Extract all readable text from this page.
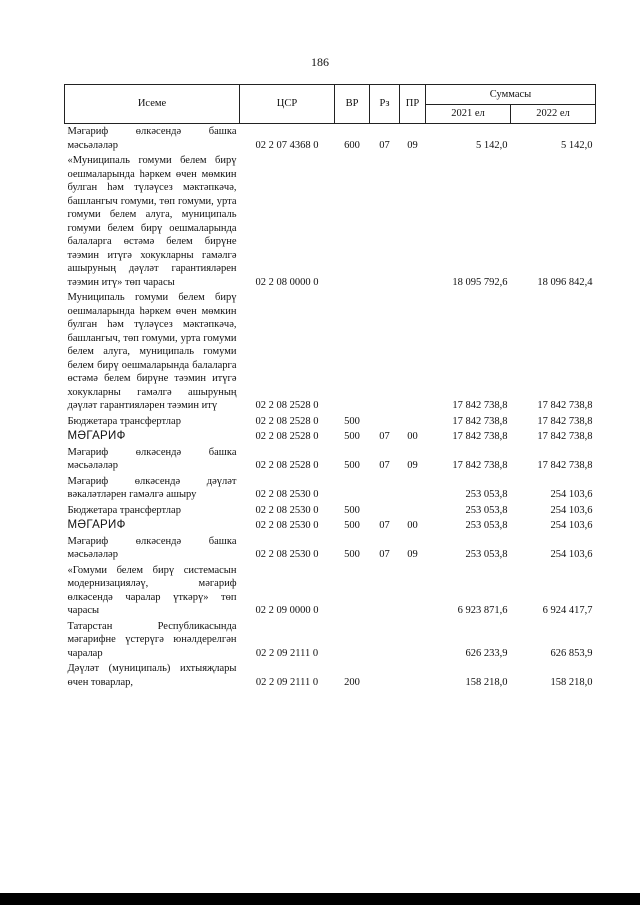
186
Исеме	ЦСР	ВР	Рз	ПР	Суммасы	
					2021 ел	2022 ел
Мәгариф өлкәсендә башка мәсьәләләр	02 2 07 4368 0	600	07	09	5 142,0	5 142,0
«Муниципаль гомуми белем бирү оешмаларында һәркем өчен мөмкин булган һәм түләүсез мәктәпкәчә, башлангыч гомуми, төп гомуми, урта гомуми белем алуга, муниципаль гомуми белем бирү оешмаларында балаларга өстәмә белем бирүне тәэмин итүгә хокукларны гамәлгә ашыруның дәүләт гарантияләрен тәэмин итү» төп чарасы	02 2 08 0000 0				18 095 792,6	18 096 842,4
Муниципаль гомуми белем бирү оешмаларында һәркем өчен мөмкин булган һәм түләүсез мәктәпкәчә, башлангыч, төп гомуми, урта гомуми белем алуга, муниципаль гомуми белем бирү оешмаларында балаларга өстәмә белем бирүне тәэмин итүгә хокукларны гамәлгә ашыруның дәүләт гарантияләрен тәэмин итү	02 2 08 2528 0				17 842 738,8	17 842 738,8
Бюджетара трансфертлар	02 2 08 2528 0	500			17 842 738,8	17 842 738,8
МӘГАРИФ	02 2 08 2528 0	500	07	00	17 842 738,8	17 842 738,8
Мәгариф өлкәсендә башка мәсьәләләр	02 2 08 2528 0	500	07	09	17 842 738,8	17 842 738,8
Мәгариф өлкәсендә дәүләт вәкаләтләрен гамәлгә ашыру	02 2 08 2530 0				253 053,8	254 103,6
Бюджетара трансфертлар	02 2 08 2530 0	500			253 053,8	254 103,6
МӘГАРИФ	02 2 08 2530 0	500	07	00	253 053,8	254 103,6
Мәгариф өлкәсендә башка мәсьәләләр	02 2 08 2530 0	500	07	09	253 053,8	254 103,6
«Гомуми белем бирү системасын модернизацияләү, мәгариф өлкәсендә чаралар үткәрү» төп чарасы	02 2 09 0000 0				6 923 871,6	6 924 417,7
Татарстан Республикасында мәгарифне үстерүгә юнәлдерелгән чаралар	02 2 09 2111 0				626 233,9	626 853,9
Дәүләт (муниципаль) ихтыяҗлары өчен товарлар,	02 2 09 2111 0	200			158 218,0	158 218,0
